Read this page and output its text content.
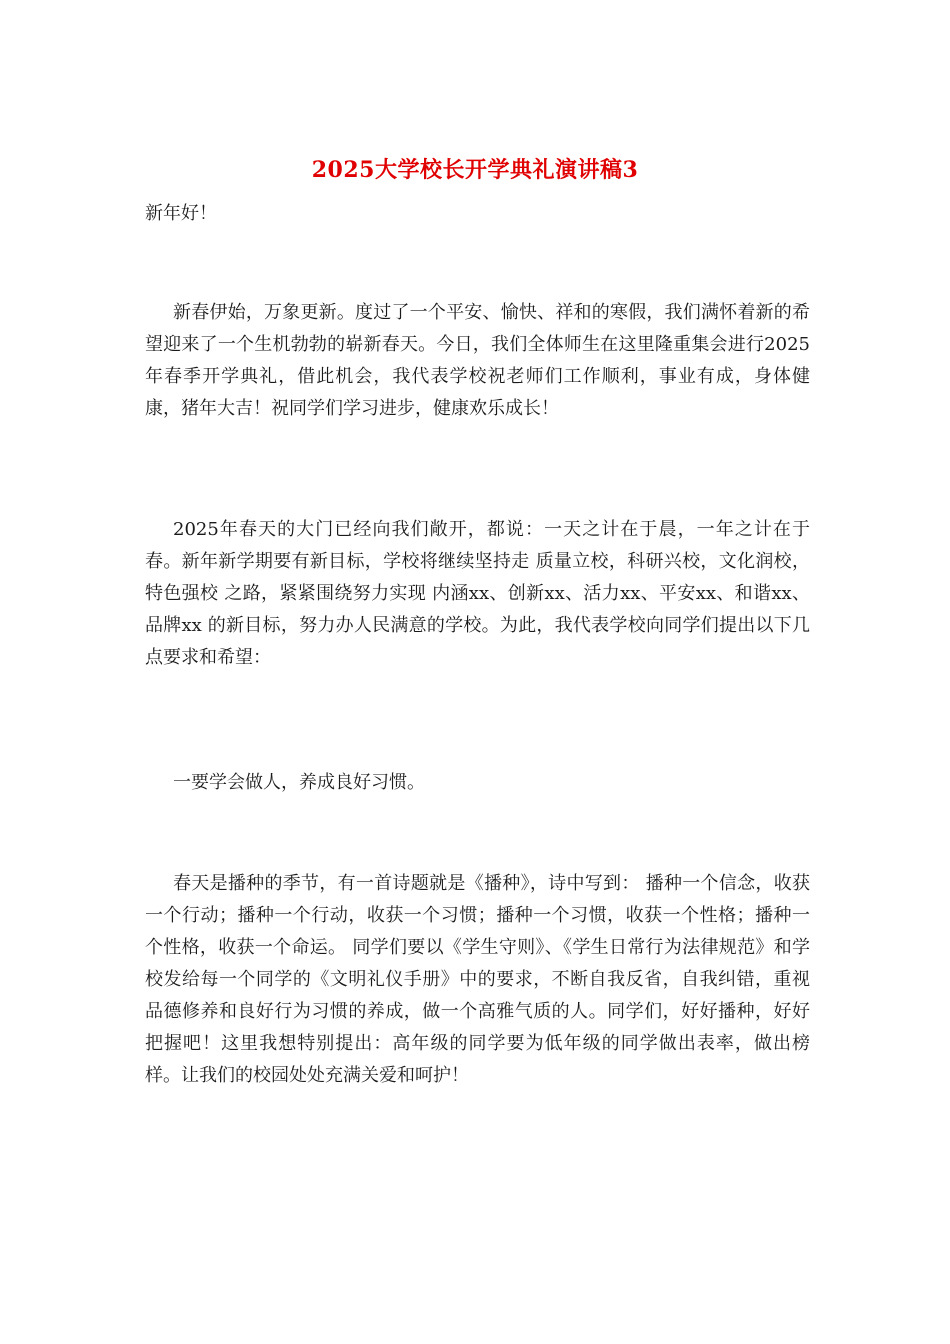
2025大学校长开学典礼演讲稿3
新年好！

新春伊始，万象更新。度过了一个平安、愉快、祥和的寒假，我们满怀着新的希望迎来了一个生机勃勃的崭新春天。今日，我们全体师生在这里隆重集会进行2025年春季开学典礼，借此机会，我代表学校祝老师们工作顺利，事业有成，身体健康，猪年大吉！祝同学们学习进步，健康欢乐成长！

2025年春天的大门已经向我们敞开，都说：一天之计在于晨，一年之计在于春。新年新学期要有新目标，学校将继续坚持走 质量立校，科研兴校，文化润校，特色强校 之路，紧紧围绕努力实现 内涵xx、创新xx、活力xx、平安xx、和谐xx、品牌xx 的新目标，努力办人民满意的学校。为此，我代表学校向同学们提出以下几点要求和希望：

一要学会做人，养成良好习惯。

春天是播种的季节，有一首诗题就是《播种》，诗中写到： 播种一个信念，收获一个行动；播种一个行动，收获一个习惯；播种一个习惯，收获一个性格；播种一个性格，收获一个命运。 同学们要以《学生守则》、《学生日常行为法律规范》和学校发给每一个同学的《文明礼仪手册》中的要求，不断自我反省，自我纠错，重视品德修养和良好行为习惯的养成，做一个高雅气质的人。同学们，好好播种，好好把握吧！这里我想特别提出：高年级的同学要为低年级的同学做出表率，做出榜样。让我们的校园处处充满关爱和呵护！
